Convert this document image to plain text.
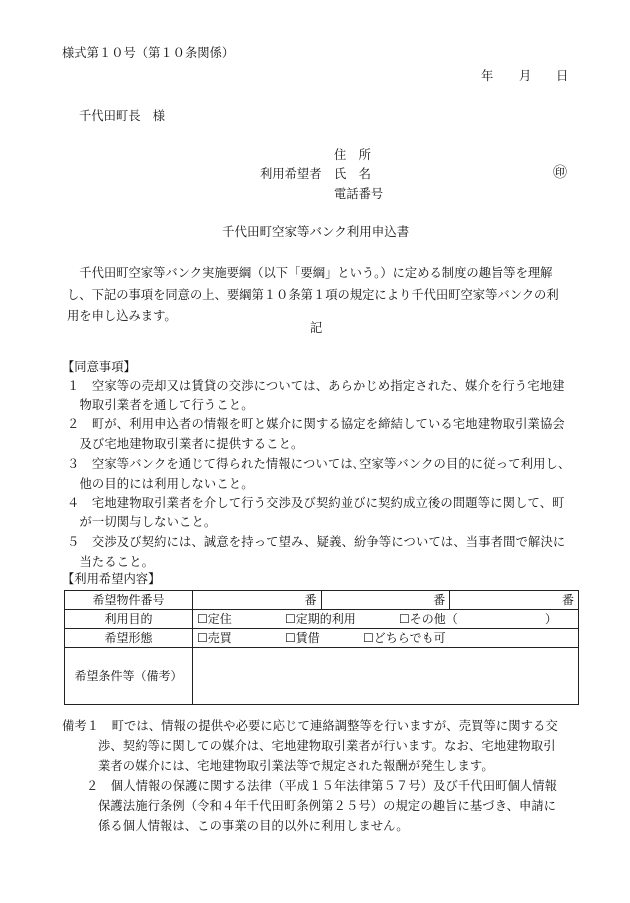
様式第１０号（第１０条関係）
年 月 日
千代田町長　様
住　所
利用希望者 氏　名	㊞
電話番号
千代田町空家等バンク利用申込書
　千代田町空家等バンク実施要綱（以下「要綱」という。）に定める制度の趣旨等を理解
し、下記の事項を同意の上、要綱第１０条第１項の規定により千代田町空家等バンクの利
用を申し込みます。
記
【同意事項】
１　空家等の売却又は賃貸の交渉については、あらかじめ指定された、媒介を行う宅地建
　物取引業者を通して行うこと。
２　町が、利用申込者の情報を町と媒介に関する協定を締結している宅地建物取引業協会
　及び宅地建物取引業者に提供すること。
３　空家等バンクを通じて得られた情報については､空家等バンクの目的に従って利用し、
　他の目的には利用しないこと。
４　宅地建物取引業者を介して行う交渉及び契約並びに契約成立後の問題等に関して、町
　が一切関与しないこと。
５　交渉及び契約には、誠意を持って望み、疑義、紛争等については、当事者間で解決に
　当たること。
【利用希望内容】
希望物件番号	番	番	番
利用目的	☐定住 ☐定期的利用 ☐その他（ ）		
希望形態	☐売買 ☐賃借 ☐どちらでも可		
希望条件等（備考）			
備考１　町では、情報の提供や必要に応じて連絡調整等を行いますが、売買等に関する交
渉、契約等に関しての媒介は、宅地建物取引業者が行います。なお、宅地建物取引
業者の媒介には、宅地建物取引業法等で規定された報酬が発生します。
２　個人情報の保護に関する法律（平成１５年法律第５７号）及び千代田町個人情報
保護法施行条例（令和４年千代田町条例第２５号）の規定の趣旨に基づき、申請に
係る個人情報は、この事業の目的以外に利用しません。
